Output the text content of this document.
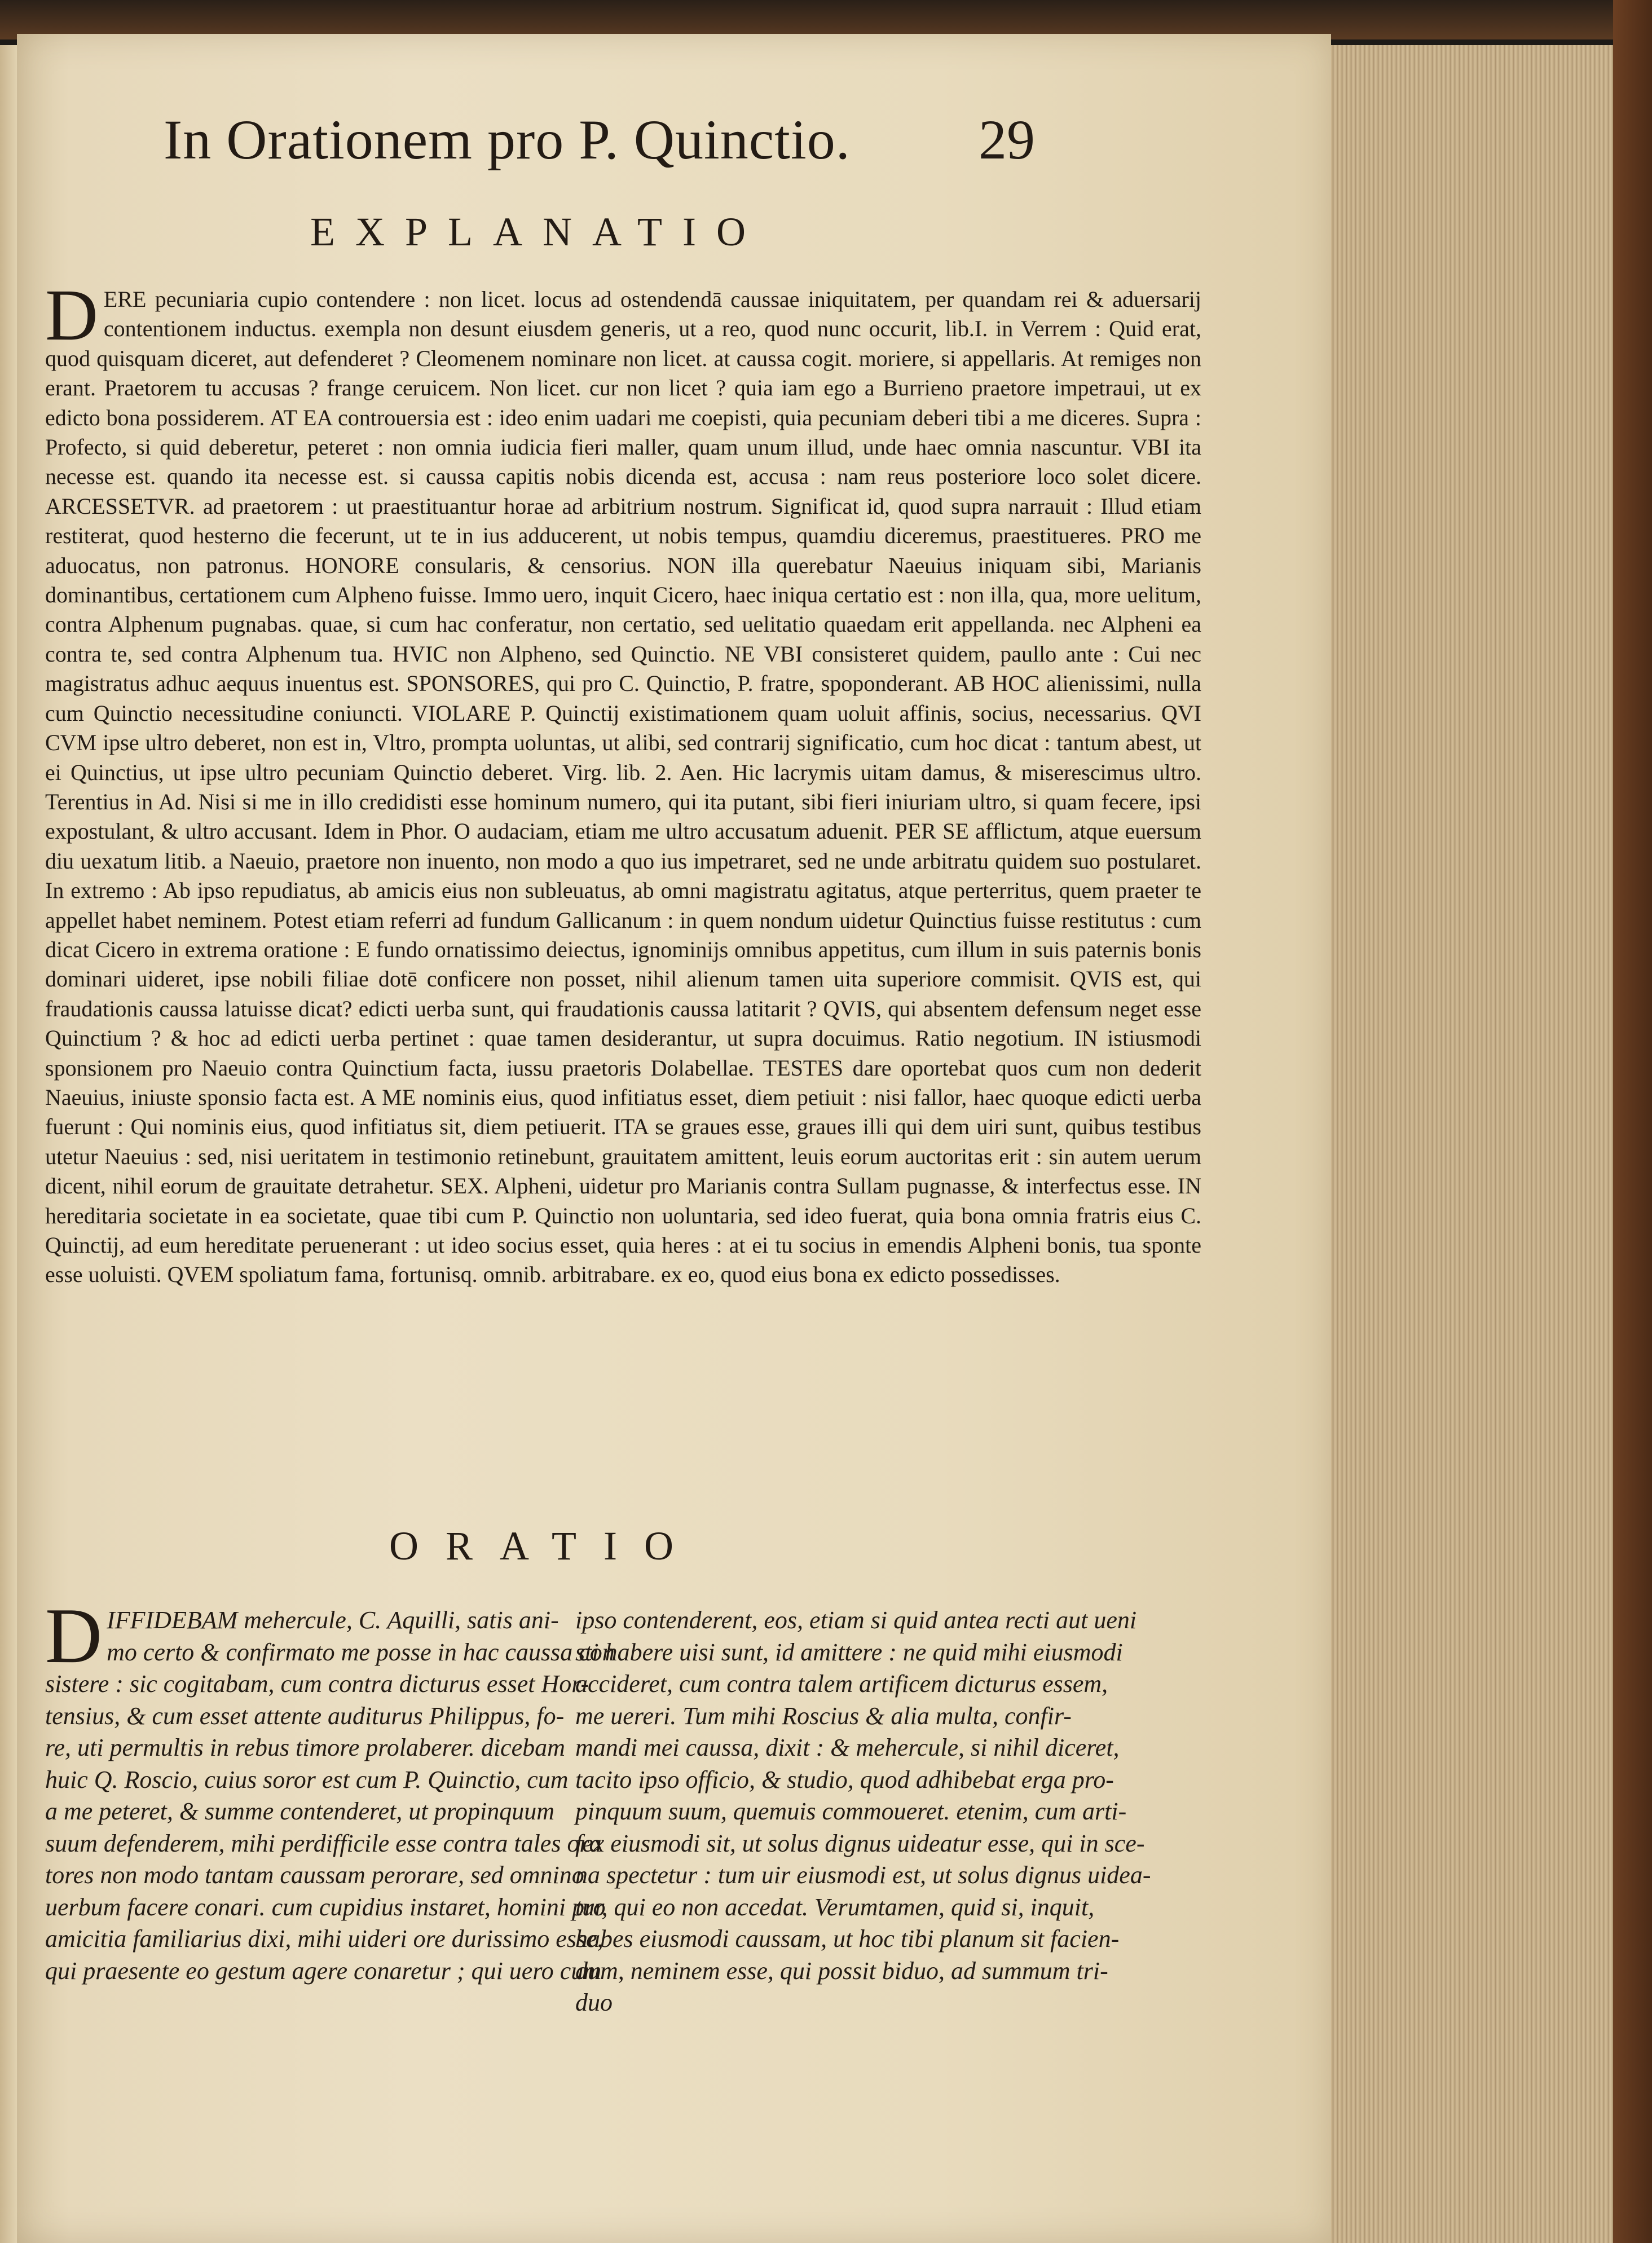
In Orationem pro P. Quinctio. 29
EXPLANATIO
D ERE pecuniaria cupio contendere : non licet. locus ad ostendendā caussae iniquitatem, per quandam rei & aduersarij contentionem inductus. exempla non desunt eiusdem generis, ut a reo, quod nunc occurit, lib.I. in Verrem : Quid erat, quod quisquam diceret, aut defenderet ? Cleomenem nominare non licet. at caussa cogit. moriere, si appellaris. At remiges non erant. Praetorem tu accusas ? frange ceruicem. Non licet. cur non licet ? quia iam ego a Burrieno praetore impetraui, ut ex edicto bona possiderem. AT EA controuersia est : ideo enim uadari me coepisti, quia pecuniam deberi tibi a me diceres. Supra : Profecto, si quid deberetur, peteret : non omnia iudicia fieri maller, quam unum illud, unde haec omnia nascuntur. VBI ita necesse est. quando ita necesse est. si caussa capitis nobis dicenda est, accusa : nam reus posteriore loco solet dicere. ARCESSETVR. ad praetorem : ut praestituantur horae ad arbitrium nostrum. Significat id, quod supra narrauit : Illud etiam restiterat, quod hesterno die fecerunt, ut te in ius adducerent, ut nobis tempus, quamdiu diceremus, praestitueres. PRO me aduocatus, non patronus. HONORE consularis, & censorius. NON illa querebatur Naeuius iniquam sibi, Marianis dominantibus, certationem cum Alpheno fuisse. Immo uero, inquit Cicero, haec iniqua certatio est : non illa, qua, more uelitum, contra Alphenum pugnabas. quae, si cum hac conferatur, non certatio, sed uelitatio quaedam erit appellanda. nec Alpheni ea contra te, sed contra Alphenum tua. HVIC non Alpheno, sed Quinctio. NE VBI consisteret quidem, paullo ante : Cui nec magistratus adhuc aequus inuentus est. SPONSORES, qui pro C. Quinctio, P. fratre, spoponderant. AB HOC alienissimi, nulla cum Quinctio necessitudine coniuncti. VIOLARE P. Quinctij existimationem quam uoluit affinis, socius, necessarius. QVI CVM ipse ultro deberet, non est in, Vltro, prompta uoluntas, ut alibi, sed contrarij significatio, cum hoc dicat : tantum abest, ut ei Quinctius, ut ipse ultro pecuniam Quinctio deberet. Virg. lib. 2. Aen. Hic lacrymis uitam damus, & miserescimus ultro. Terentius in Ad. Nisi si me in illo credidisti esse hominum numero, qui ita putant, sibi fieri iniuriam ultro, si quam fecere, ipsi expostulant, & ultro accusant. Idem in Phor. O audaciam, etiam me ultro accusatum aduenit. PER SE afflictum, atque euersum diu uexatum litib. a Naeuio, praetore non inuento, non modo a quo ius impetraret, sed ne unde arbitratu quidem suo postularet. In extremo : Ab ipso repudiatus, ab amicis eius non subleuatus, ab omni magistratu agitatus, atque perterritus, quem praeter te appellet habet neminem. Potest etiam referri ad fundum Gallicanum : in quem nondum uidetur Quinctius fuisse restitutus : cum dicat Cicero in extrema oratione : E fundo ornatissimo deiectus, ignominijs omnibus appetitus, cum illum in suis paternis bonis dominari uideret, ipse nobili filiae dotē conficere non posset, nihil alienum tamen uita superiore commisit. QVIS est, qui fraudationis caussa latuisse dicat? edicti uerba sunt, qui fraudationis caussa latitarit ? QVIS, qui absentem defensum neget esse Quinctium ? & hoc ad edicti uerba pertinet : quae tamen desiderantur, ut supra docuimus. Ratio negotium. IN istiusmodi sponsionem pro Naeuio contra Quinctium facta, iussu praetoris Dolabellae. TESTES dare oportebat quos cum non dederit Naeuius, iniuste sponsio facta est. A ME nominis eius, quod infitiatus esset, diem petiuit : nisi fallor, haec quoque edicti uerba fuerunt : Qui nominis eius, quod infitiatus sit, diem petiuerit. ITA se graues esse, graues illi qui dem uiri sunt, quibus testibus utetur Naeuius : sed, nisi ueritatem in testimonio retinebunt, grauitatem amittent, leuis eorum auctoritas erit : sin autem uerum dicent, nihil eorum de grauitate detrahetur. SEX. Alpheni, uidetur pro Marianis contra Sullam pugnasse, & interfectus esse. IN hereditaria societate in ea societate, quae tibi cum P. Quinctio non uoluntaria, sed ideo fuerat, quia bona omnia fratris eius C. Quinctij, ad eum hereditate peruenerant : ut ideo socius esset, quia heres : at ei tu socius in emendis Alpheni bonis, tua sponte esse uoluisti. QVEM spoliatum fama, fortunisq. omnib. arbitrabare. ex eo, quod eius bona ex edicto possedisses.
ORATIO
D IFFIDEBAM mehercule, C. Aquilli, satis ani-
mo certo & confirmato me posse in hac caussa con
sistere : sic cogitabam, cum contra dicturus esset Hor-
tensius, & cum esset attente auditurus Philippus, fo-
re, uti permultis in rebus timore prolaberer. dicebam
huic Q. Roscio, cuius soror est cum P. Quinctio, cum
a me peteret, & summe contenderet, ut propinquum
suum defenderem, mihi perdifficile esse contra tales ora
tores non modo tantam caussam perorare, sed omnino
uerbum facere conari. cum cupidius instaret, homini pro
amicitia familiarius dixi, mihi uideri ore durissimo esse,
qui praesente eo gestum agere conaretur ; qui uero cum
ipso contenderent, eos, etiam si quid antea recti aut ueni
sti habere uisi sunt, id amittere : ne quid mihi eiusmodi
accideret, cum contra talem artificem dicturus essem,
me uereri. Tum mihi Roscius & alia multa, confir-
mandi mei caussa, dixit : & mehercule, si nihil diceret,
tacito ipso officio, & studio, quod adhibebat erga pro-
pinquum suum, quemuis commoueret. etenim, cum arti-
fex eiusmodi sit, ut solus dignus uideatur esse, qui in sce-
na spectetur : tum uir eiusmodi est, ut solus dignus uidea-
tur, qui eo non accedat. Verumtamen, quid si, inquit,
habes eiusmodi caussam, ut hoc tibi planum sit facien-
dum, neminem esse, qui possit biduo, ad summum tri-
duo
